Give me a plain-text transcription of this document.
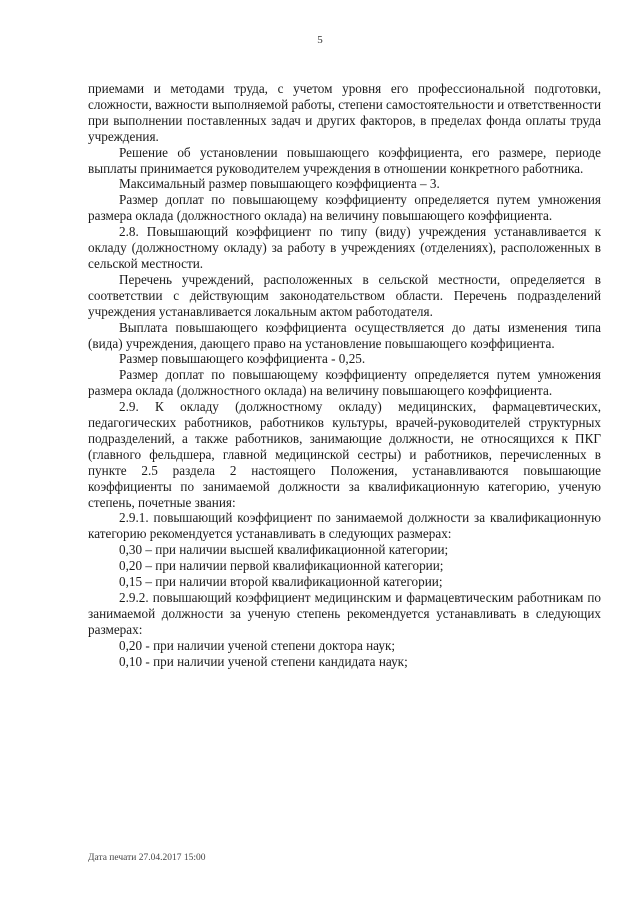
5

приемами и методами труда, с учетом уровня его профессиональной подготовки, сложности, важности выполняемой работы, степени самостоятельности и ответственности при выполнении поставленных задач и других факторов, в пределах фонда оплаты труда учреждения.

Решение об установлении повышающего коэффициента, его размере, периоде выплаты принимается руководителем учреждения в отношении конкретного работника.

Максимальный размер повышающего коэффициента – 3.

Размер доплат по повышающему коэффициенту определяется путем умножения размера оклада (должностного оклада) на величину повышающего коэффициента.

2.8. Повышающий коэффициент по типу (виду) учреждения устанавливается к окладу (должностному окладу) за работу в учреждениях (отделениях), расположенных в сельской местности.

Перечень учреждений, расположенных в сельской местности, определяется в соответствии с действующим законодательством области. Перечень подразделений учреждения устанавливается локальным актом работодателя.

Выплата повышающего коэффициента осуществляется до даты изменения типа (вида) учреждения, дающего право на установление повышающего коэффициента.

Размер повышающего коэффициента - 0,25.

Размер доплат по повышающему коэффициенту определяется путем умножения размера оклада (должностного оклада) на величину повышающего коэффициента.

2.9. К окладу (должностному окладу) медицинских, фармацевтических, педагогических работников, работников культуры, врачей-руководителей структурных подразделений, а также работников, занимающие должности, не относящихся к ПКГ (главного фельдшера, главной медицинской сестры) и работников, перечисленных в пункте 2.5 раздела 2 настоящего Положения, устанавливаются повышающие коэффициенты по занимаемой должности за квалификационную категорию, ученую степень, почетные звания:

2.9.1. повышающий коэффициент по занимаемой должности за квалификационную категорию рекомендуется устанавливать в следующих размерах:

0,30 – при наличии высшей квалификационной категории;

0,20 – при наличии первой квалификационной категории;

0,15 – при наличии второй квалификационной категории;

2.9.2. повышающий коэффициент медицинским и фармацевтическим работникам по занимаемой должности за ученую степень рекомендуется устанавливать в следующих размерах:

0,20 - при наличии ученой степени доктора наук;

0,10 - при наличии ученой степени кандидата наук;

Дата печати 27.04.2017 15:00
